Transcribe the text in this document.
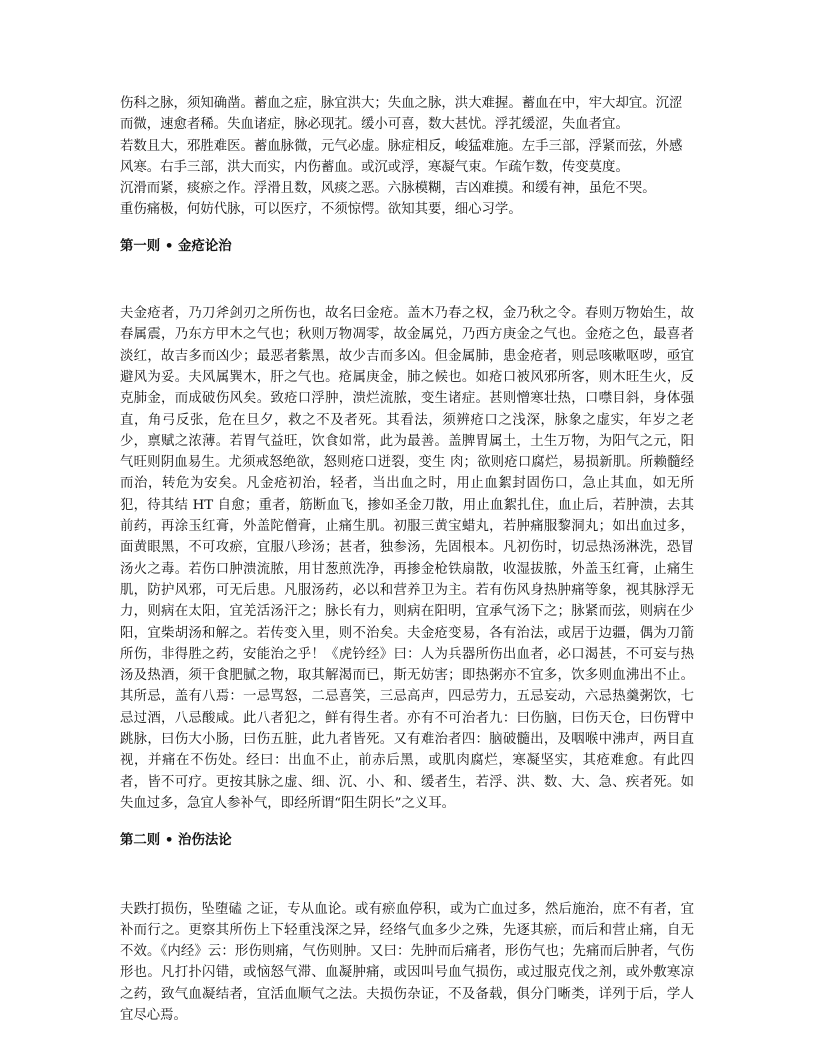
伤科之脉，须知确凿。蓄血之症，脉宜洪大；失血之脉，洪大难握。蓄血在中，牢大却宜。沉涩而微，速愈者稀。失血诸症，脉必现芤。缓小可喜，数大甚忧。浮芤缓涩，失血者宜。

若数且大，邪胜难医。蓄血脉微，元气必虚。脉症相反，峻猛难施。左手三部，浮紧而弦，外感风寒。右手三部，洪大而实，内伤蓄血。或沉或浮，寒凝气束。乍疏乍数，传变莫度。

沉滑而紧，痰瘀之作。浮滑且数，风痰之恶。六脉模糊，吉凶难摸。和缓有神，虽危不哭。

重伤痛极，何妨代脉，可以医疗，不须惊愕。欲知其要，细心习学。

第一则 • 金疮论治

夫金疮者，乃刀斧剑刃之所伤也，故名曰金疮。盖木乃春之权，金乃秋之令。春则万物始生，故春属震，乃东方甲木之气也；秋则万物凋零，故金属兑，乃西方庚金之气也。金疮之色，最喜者淡红，故吉多而凶少；最恶者紫黑，故少吉而多凶。但金属肺，患金疮者，则忌咳嗽呕哕，亟宜避风为妥。夫风属巽木，肝之气也。疮属庚金，肺之候也。如疮口被风邪所客，则木旺生火，反克肺金，而成破伤风矣。致疮口浮肿，溃烂流脓，变生诸症。甚则憎寒壮热，口噤目斜，身体强直，角弓反张，危在旦夕，救之不及者死。其看法，须辨疮口之浅深，脉象之虚实，年岁之老少，禀赋之浓薄。若胃气益旺，饮食如常，此为最善。盖脾胃属土，土生万物，为阳气之元，阳气旺则阴血易生。尤须戒怒绝欲，怒则疮口迸裂，变生 肉；欲则疮口腐烂，易损新肌。所赖髓经而治，转危为安矣。凡金疮初治，轻者，当出血之时，用止血絮封固伤口，急止其血，如无所犯，待其结 HT 自愈；重者，筋断血飞，掺如圣金刀散，用止血絮扎住，血止后，若肿溃，去其前药，再涂玉红膏，外盖陀僧膏，止痛生肌。初服三黄宝蜡丸，若肿痛服黎洞丸；如出血过多，面黄眼黑，不可攻瘀，宜服八珍汤；甚者，独参汤，先固根本。凡初伤时，切忌热汤淋洗，恐冒汤火之毒。若伤口肿溃流脓，用甘葱煎洗净，再掺金枪铁扇散，收湿拔脓，外盖玉红膏，止痛生肌，防护风邪，可无后患。凡服汤药，必以和营养卫为主。若有伤风身热肿痛等象，视其脉浮无力，则病在太阳，宜羌活汤汗之；脉长有力，则病在阳明，宜承气汤下之；脉紧而弦，则病在少阳，宜柴胡汤和解之。若传变入里，则不治矣。夫金疮变易，各有治法，或居于边疆，偶为刀箭所伤，非得胜之药，安能治之乎！《虎钤经》曰：人为兵器所伤出血者，必口渴甚，不可妄与热汤及热酒，须干食肥腻之物，取其解渴而已，斯无妨害；即热粥亦不宜多，饮多则血沸出不止。其所忌，盖有八焉：一忌骂怒，二忌喜笑，三忌高声，四忌劳力，五忌妄动，六忌热羹粥饮，七忌过酒，八忌酸咸。此八者犯之，鲜有得生者。亦有不可治者九：曰伤脑，曰伤天仓，曰伤臂中跳脉，曰伤大小肠，曰伤五脏，此九者皆死。又有难治者四：脑破髓出，及咽喉中沸声，两目直视，并痛在不伤处。经曰：出血不止，前赤后黑，或肌肉腐烂，寒凝坚实，其疮难愈。有此四者，皆不可疗。更按其脉之虚、细、沉、小、和、缓者生，若浮、洪、数、大、急、疾者死。如失血过多，急宜人参补气，即经所谓“阳生阴长”之义耳。

第二则 • 治伤法论

夫跌打损伤，坠堕磕 之证，专从血论。或有瘀血停积，或为亡血过多，然后施治，庶不有者，宜补而行之。更察其所伤上下轻重浅深之异，经络气血多少之殊，先逐其瘀，而后和营止痛，自无不效。《内经》云：形伤则痛，气伤则肿。又曰：先肿而后痛者，形伤气也；先痛而后肿者，气伤形也。凡打扑闪错，或恼怒气滞、血凝肿痛，或因叫号血气损伤，或过服克伐之剂，或外敷寒凉之药，致气血凝结者，宜活血顺气之法。夫损伤杂证，不及备载，俱分门晰类，详列于后，学人宜尽心焉。
